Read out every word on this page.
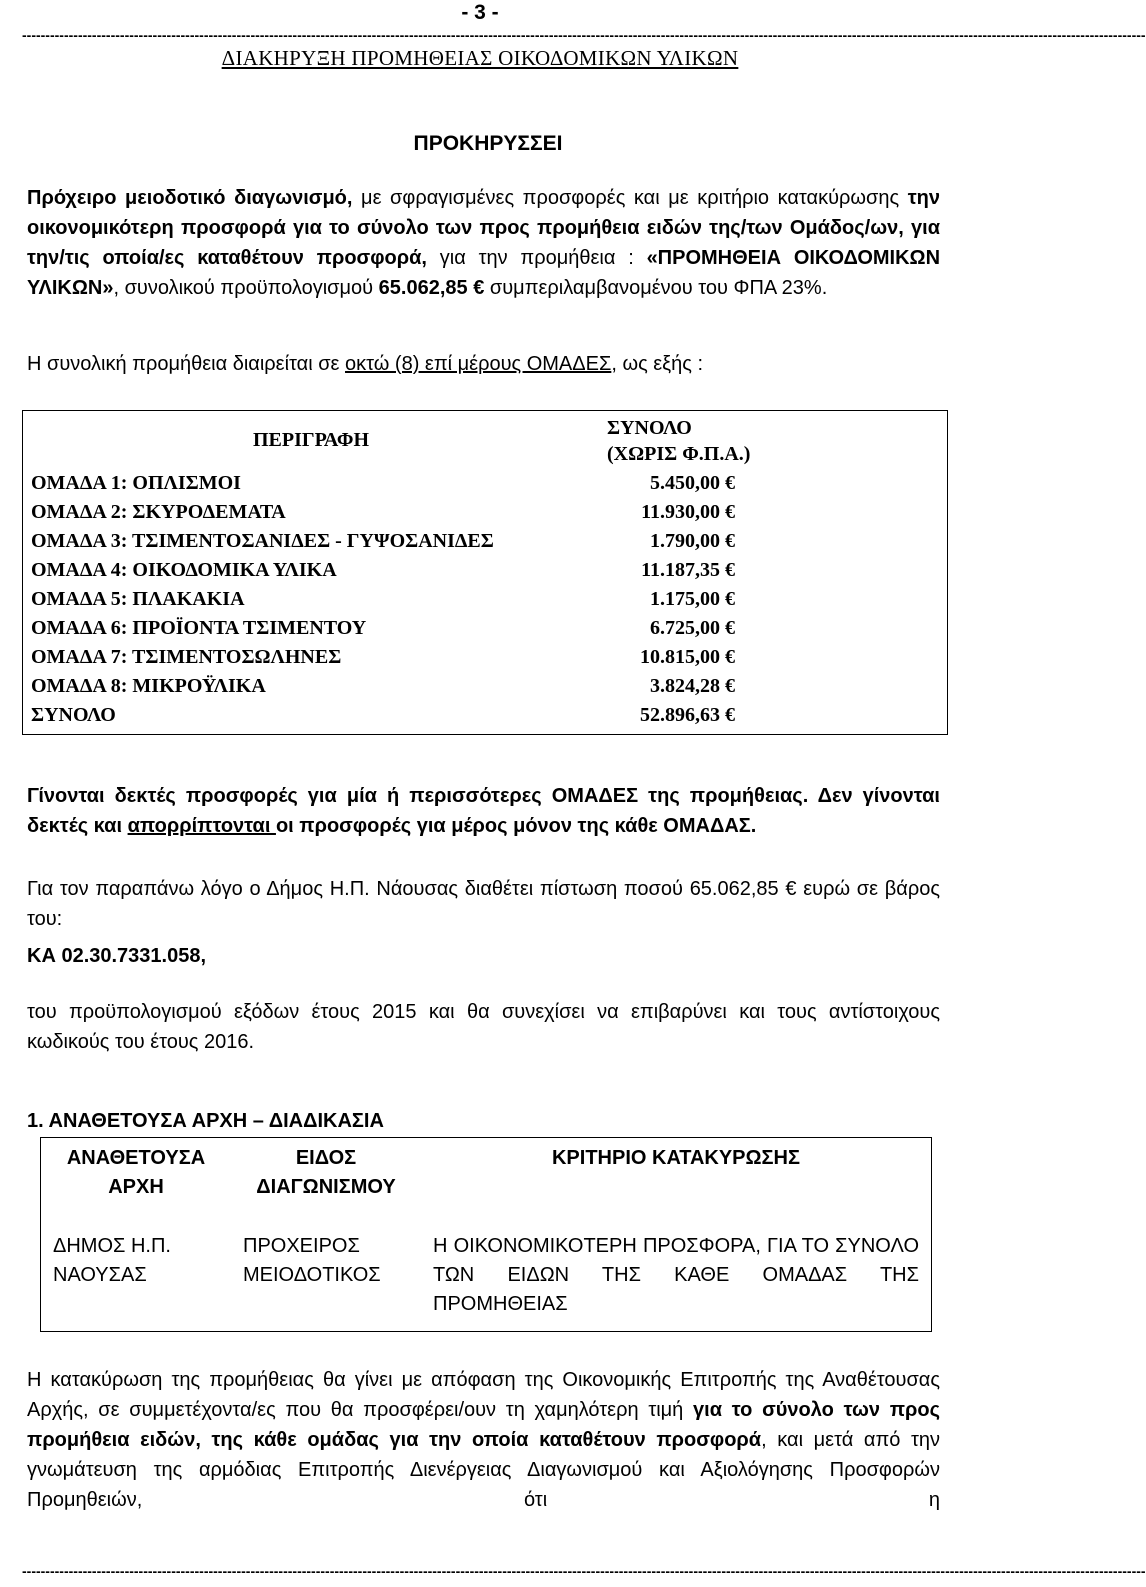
- 3 -
-------------------------------------------------------------------------------------------------------------------------------------------------------------------------------------------------------------------------------------------------
ΔΙΑΚΗΡΥΞΗ ΠΡΟΜΗΘΕΙΑΣ ΟΙΚΟΔΟΜΙΚΩΝ ΥΛΙΚΩΝ
ΠΡΟΚΗΡΥΣΣΕΙ
Πρόχειρο μειοδοτικό διαγωνισμό, με σφραγισμένες προσφορές και με κριτήριο κατακύρωσης την οικονομικότερη προσφορά για το σύνολο των προς προμήθεια ειδών της/των Ομάδος/ων, για την/τις οποία/ες καταθέτουν προσφορά, για την προμήθεια : «ΠΡΟΜΗΘΕΙΑ ΟΙΚΟΔΟΜΙΚΩΝ ΥΛΙΚΩΝ», συνολικού προϋπολογισμού 65.062,85 € συμπεριλαμβανομένου του ΦΠΑ 23%.
Η συνολική προμήθεια διαιρείται σε οκτώ (8) επί μέρους ΟΜΑΔΕΣ, ως εξής :
ΠΕΡΙΓΡΑΦΗ	ΣΥΝΟΛΟ
(ΧΩΡΙΣ Φ.Π.Α.)

ΟΜΑΔΑ 1: ΟΠΛΙΣΜΟΙ	5.450,00 €
ΟΜΑΔΑ 2: ΣΚΥΡΟΔΕΜΑΤΑ	11.930,00 €
ΟΜΑΔΑ 3: ΤΣΙΜΕΝΤΟΣΑΝΙΔΕΣ - ΓΥΨΟΣΑΝΙΔΕΣ	1.790,00 €
ΟΜΑΔΑ 4: ΟΙΚΟΔΟΜΙΚΑ ΥΛΙΚΑ	11.187,35 €
ΟΜΑΔΑ 5: ΠΛΑΚΑΚΙΑ	1.175,00 €
ΟΜΑΔΑ 6: ΠΡΟΪΟΝΤΑ ΤΣΙΜΕΝΤΟΥ	6.725,00 €
ΟΜΑΔΑ 7: ΤΣΙΜΕΝΤΟΣΩΛΗΝΕΣ	10.815,00 €
ΟΜΑΔΑ 8: ΜΙΚΡΟΫΛΙΚΑ	3.824,28 €
ΣΥΝΟΛΟ	52.896,63 €
Γίνονται δεκτές προσφορές για μία ή περισσότερες ΟΜΑΔΕΣ της προμήθειας. Δεν γίνονται δεκτές και απορρίπτονται οι προσφορές για μέρος μόνον της κάθε ΟΜΑΔΑΣ.
Για τον παραπάνω λόγο ο Δήμος Η.Π. Νάουσας διαθέτει πίστωση ποσού 65.062,85 € ευρώ σε βάρος του:
ΚΑ 02.30.7331.058,
του προϋπολογισμού εξόδων έτους 2015 και θα συνεχίσει να επιβαρύνει και τους αντίστοιχους κωδικούς του έτους 2016.
1. ΑΝΑΘΕΤΟΥΣΑ ΑΡΧΗ – ΔΙΑΔΙΚΑΣΙΑ
ΑΝΑΘΕΤΟΥΣΑ ΑΡΧΗ	ΕΙΔΟΣ ΔΙΑΓΩΝΙΣΜΟΥ	ΚΡΙΤΗΡΙΟ ΚΑΤΑΚΥΡΩΣΗΣ
ΔΗΜΟΣ Η.Π. ΝΑΟΥΣΑΣ	ΠΡΟΧΕΙΡΟΣ ΜΕΙΟΔΟΤΙΚΟΣ	Η ΟΙΚΟΝΟΜΙΚΟΤΕΡΗ ΠΡΟΣΦΟΡΑ, ΓΙΑ ΤΟ ΣΥΝΟΛΟ ΤΩΝ ΕΙΔΩΝ ΤΗΣ ΚΑΘΕ ΟΜΑΔΑΣ ΤΗΣ ΠΡΟΜΗΘΕΙΑΣ
Η κατακύρωση της προμήθειας θα γίνει με απόφαση της Οικονομικής Επιτροπής της Αναθέτουσας Αρχής, σε συμμετέχοντα/ες που θα προσφέρει/ουν τη χαμηλότερη τιμή για το σύνολο των προς προμήθεια ειδών, της κάθε ομάδας για την οποία καταθέτουν προσφορά, και μετά από την γνωμάτευση της αρμόδιας Επιτροπής Διενέργειας Διαγωνισμού και Αξιολόγησης Προσφορών Προμηθειών, ότι η
-------------------------------------------------------------------------------------------------------------------------------------------------------------------------------------------------------------------------------------------------
